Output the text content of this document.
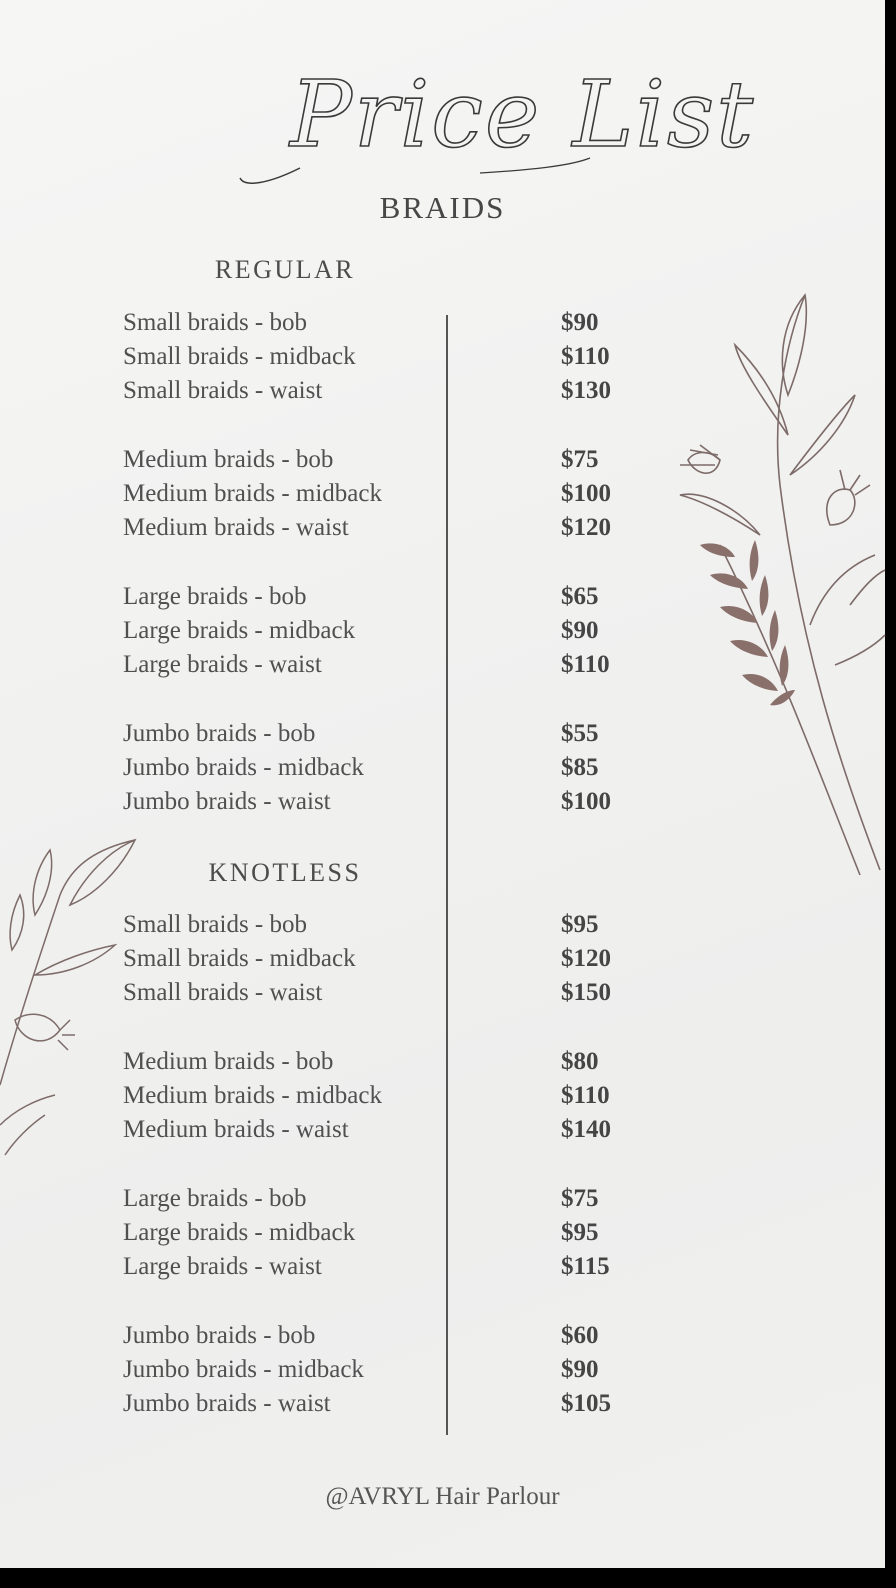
Price List
BRAIDS
REGULAR
Small braids - bob	$90
Small braids - midback	$110
Small braids - waist	$130
Medium braids - bob	$75
Medium braids - midback	$100
Medium braids - waist	$120
Large braids - bob	$65
Large braids - midback	$90
Large braids - waist	$110
Jumbo braids - bob	$55
Jumbo braids - midback	$85
Jumbo braids - waist	$100
KNOTLESS
Small braids - bob	$95
Small braids - midback	$120
Small braids - waist	$150
Medium braids - bob	$80
Medium braids - midback	$110
Medium braids - waist	$140
Large braids - bob	$75
Large braids - midback	$95
Large braids - waist	$115
Jumbo braids - bob	$60
Jumbo braids - midback	$90
Jumbo braids - waist	$105
@AVRYL Hair Parlour
